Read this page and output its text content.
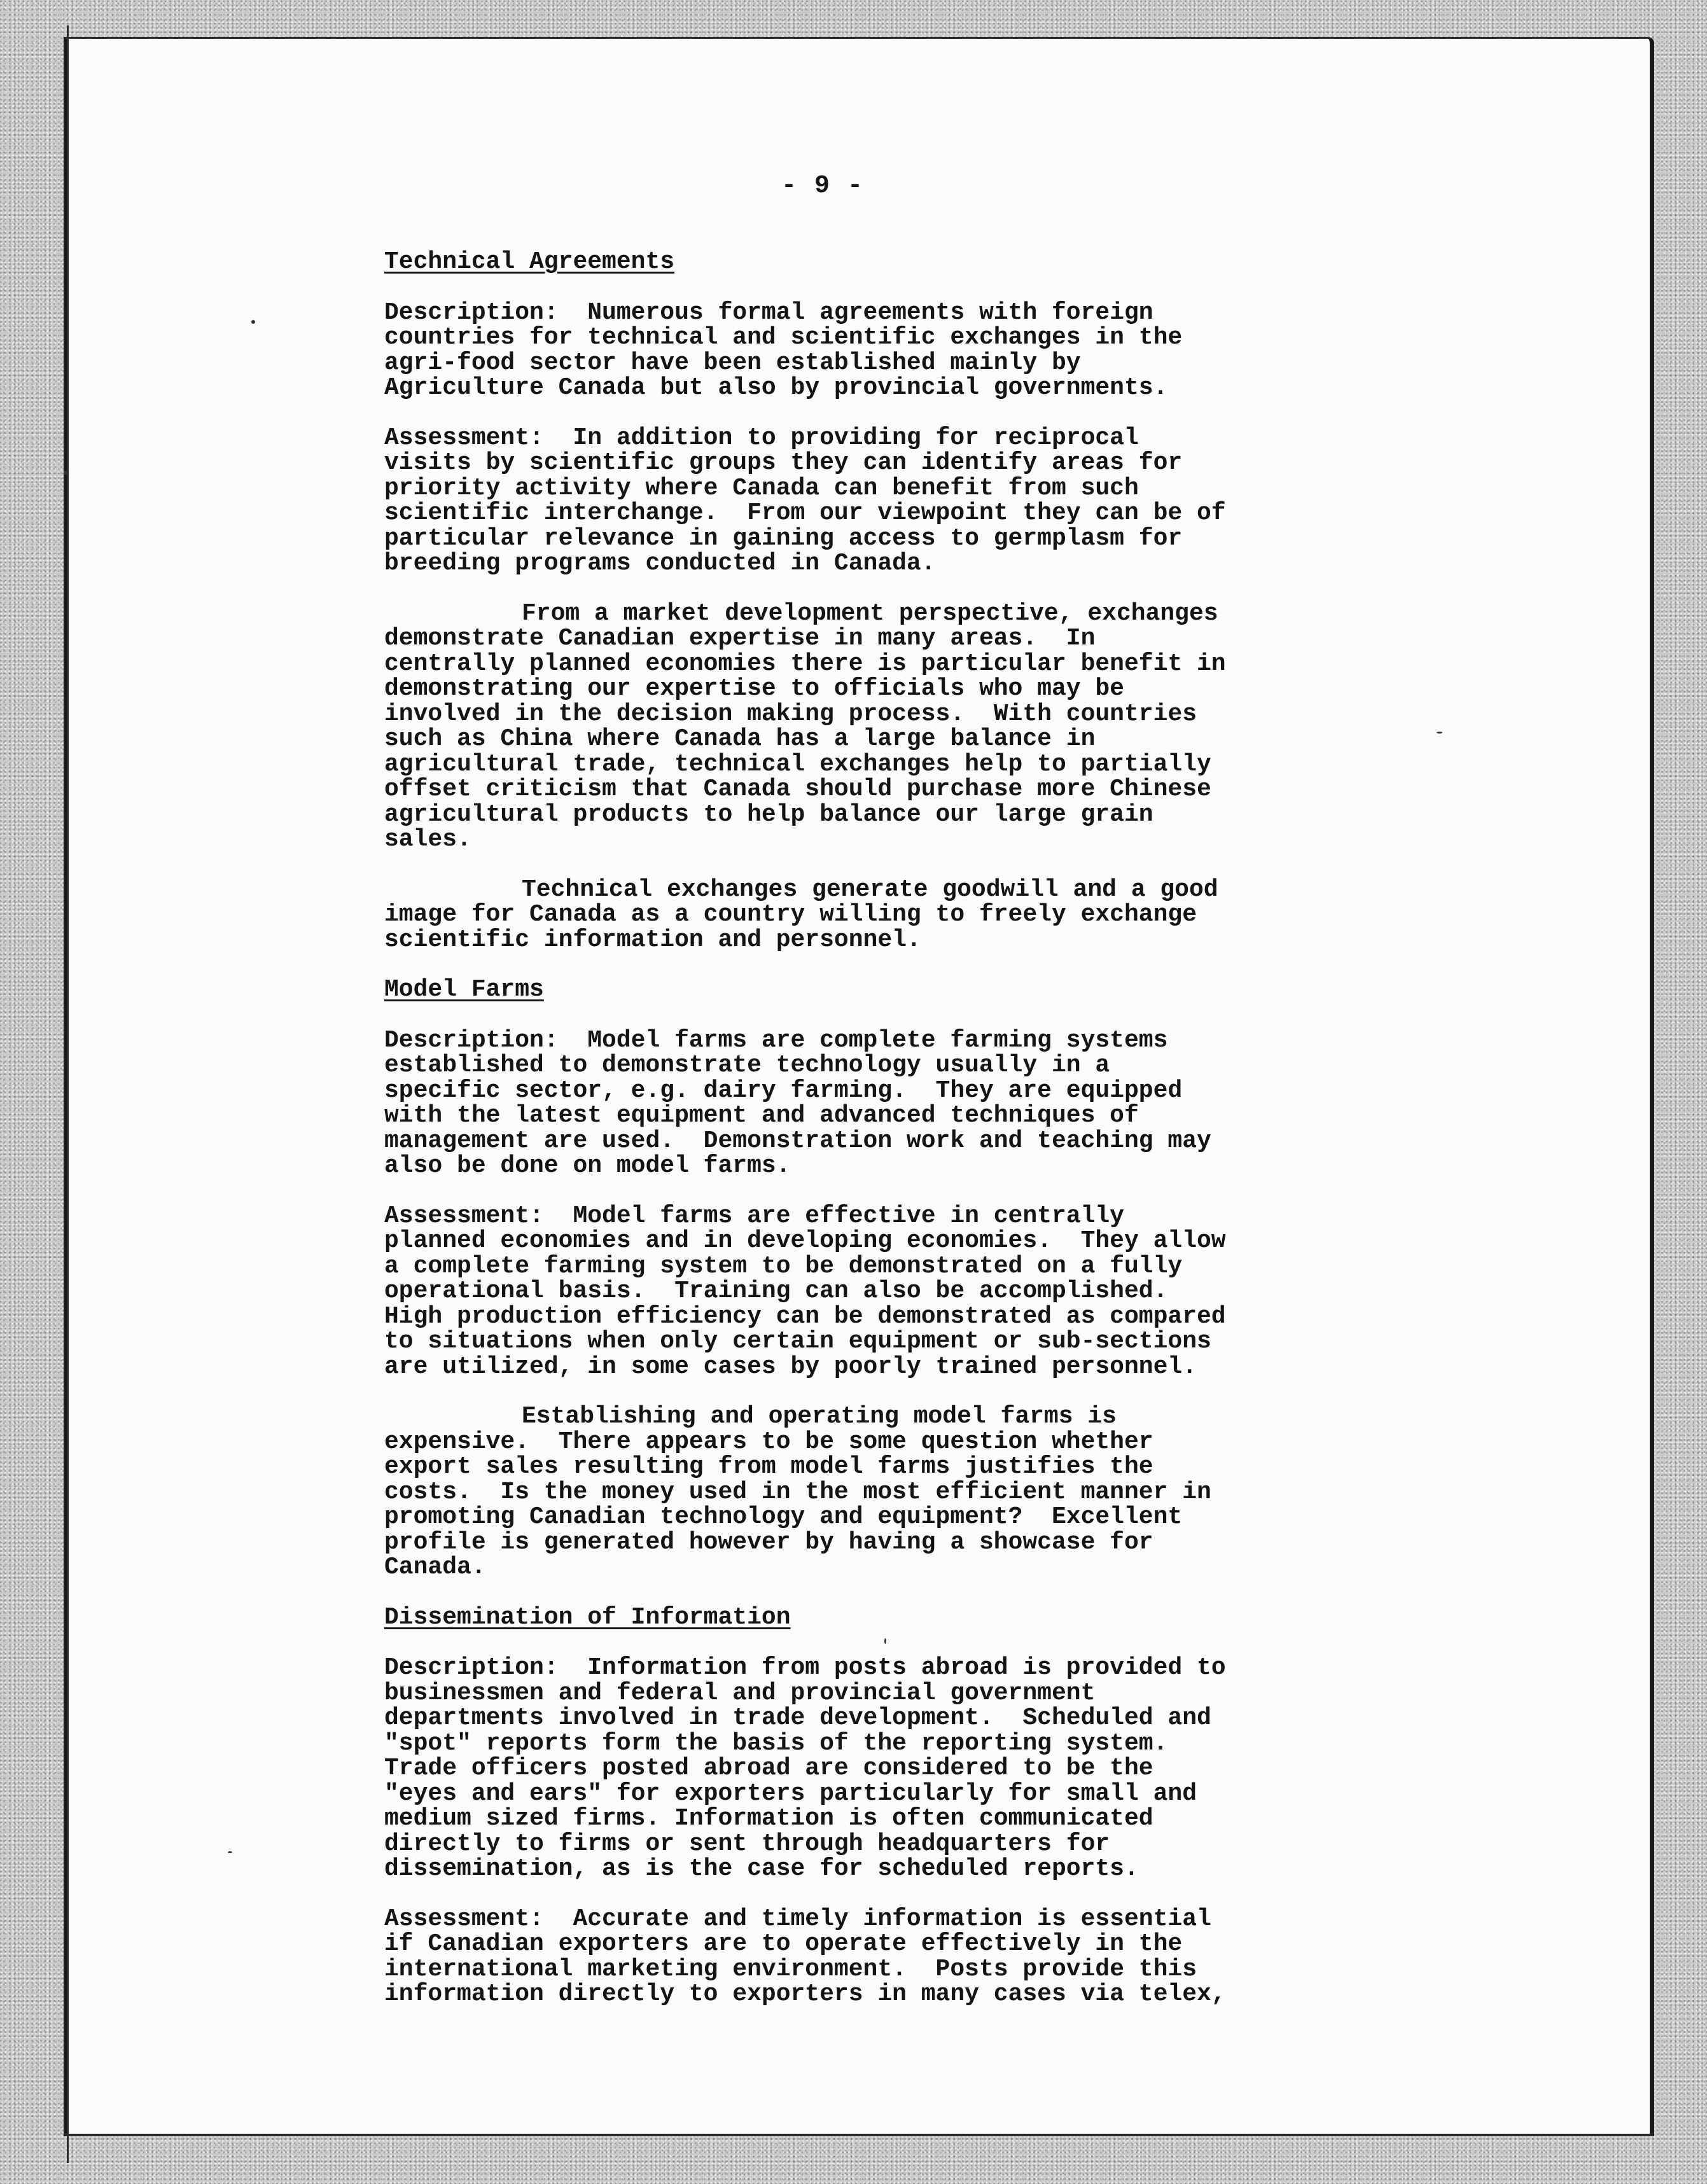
- 9 -
Technical Agreements
Description:  Numerous formal agreements with foreign
countries for technical and scientific exchanges in the
agri-food sector have been established mainly by
Agriculture Canada but also by provincial governments.
Assessment:  In addition to providing for reciprocal
visits by scientific groups they can identify areas for
priority activity where Canada can benefit from such
scientific interchange.  From our viewpoint they can be of
particular relevance in gaining access to germplasm for
breeding programs conducted in Canada.
From a market development perspective, exchanges
demonstrate Canadian expertise in many areas.  In
centrally planned economies there is particular benefit in
demonstrating our expertise to officials who may be
involved in the decision making process.  With countries
such as China where Canada has a large balance in
agricultural trade, technical exchanges help to partially
offset criticism that Canada should purchase more Chinese
agricultural products to help balance our large grain
sales.
Technical exchanges generate goodwill and a good
image for Canada as a country willing to freely exchange
scientific information and personnel.
Model Farms
Description:  Model farms are complete farming systems
established to demonstrate technology usually in a
specific sector, e.g. dairy farming.  They are equipped
with the latest equipment and advanced techniques of
management are used.  Demonstration work and teaching may
also be done on model farms.
Assessment:  Model farms are effective in centrally
planned economies and in developing economies.  They allow
a complete farming system to be demonstrated on a fully
operational basis.  Training can also be accomplished.
High production efficiency can be demonstrated as compared
to situations when only certain equipment or sub-sections
are utilized, in some cases by poorly trained personnel.
Establishing and operating model farms is
expensive.  There appears to be some question whether
export sales resulting from model farms justifies the
costs.  Is the money used in the most efficient manner in
promoting Canadian technology and equipment?  Excellent
profile is generated however by having a showcase for
Canada.
Dissemination of Information
Description:  Information from posts abroad is provided to
businessmen and federal and provincial government
departments involved in trade development.  Scheduled and
"spot" reports form the basis of the reporting system.
Trade officers posted abroad are considered to be the
"eyes and ears" for exporters particularly for small and
medium sized firms. Information is often communicated
directly to firms or sent through headquarters for
dissemination, as is the case for scheduled reports.
Assessment:  Accurate and timely information is essential
if Canadian exporters are to operate effectively in the
international marketing environment.  Posts provide this
information directly to exporters in many cases via telex,
